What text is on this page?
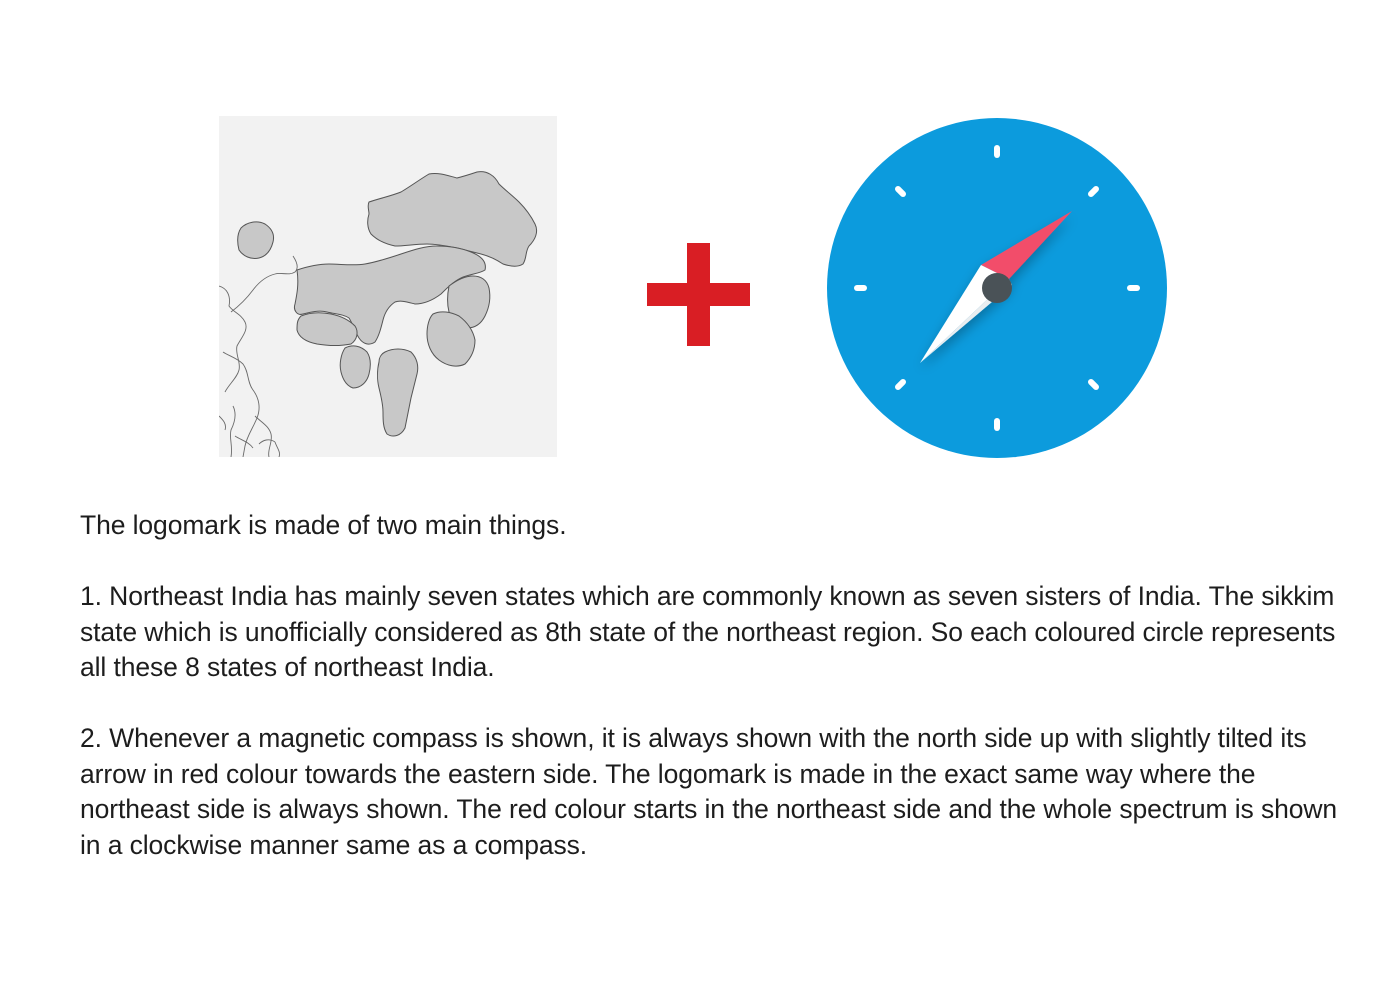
The logomark is made of two main things.

1. Northeast India has mainly seven states which are commonly known as seven sisters of India. The sikkim state which is unofficially considered as 8th state of the northeast region. So each coloured circle represents all these 8 states of northeast India.

2. Whenever a magnetic compass is shown, it is always shown with the north side up with slightly tilted its arrow in red colour towards the eastern side. The logomark is made in the exact same way where the northeast side is always shown. The red colour starts in the northeast side and the whole spectrum is shown in a clockwise manner same as a compass.
